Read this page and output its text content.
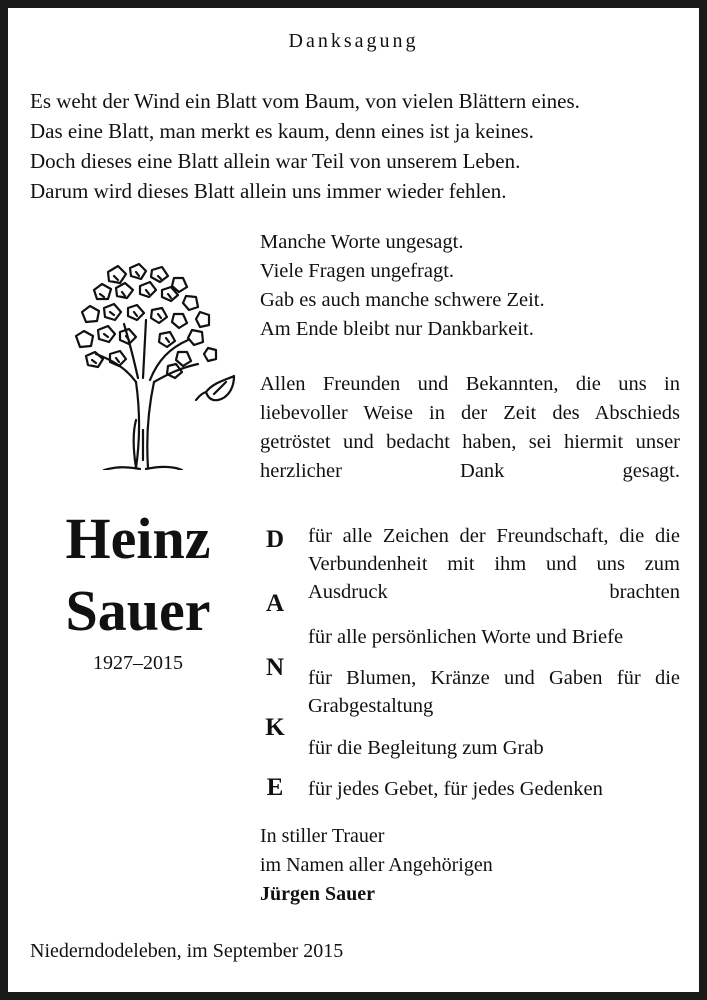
Danksagung
Es weht der Wind ein Blatt vom Baum, von vielen Blättern eines.
Das eine Blatt, man merkt es kaum, denn eines ist ja keines.
Doch dieses eine Blatt allein war Teil von unserem Leben.
Darum wird dieses Blatt allein uns immer wieder fehlen.
Manche Worte ungesagt.
Viele Fragen ungefragt.
Gab es auch manche schwere Zeit.
Am Ende bleibt nur Dankbarkeit.
Allen Freunden und Bekannten, die uns in liebevoller Weise in der Zeit des Abschieds getröstet und bedacht haben, sei hiermit unser herzlicher Dank gesagt.
Heinz
Sauer
1927–2015
D für alle Zeichen der Freundschaft, die die Verbundenheit mit ihm und uns zum Ausdruck brachten
A
für alle persönlichen Worte und Briefe
N für Blumen, Kränze und Gaben für die Grabgestaltung
K
für die Begleitung zum Grab
E	für jedes Gebet, für jedes Gedenken
In stiller Trauer
im Namen aller Angehörigen
Jürgen Sauer
Niederndodeleben, im September 2015
